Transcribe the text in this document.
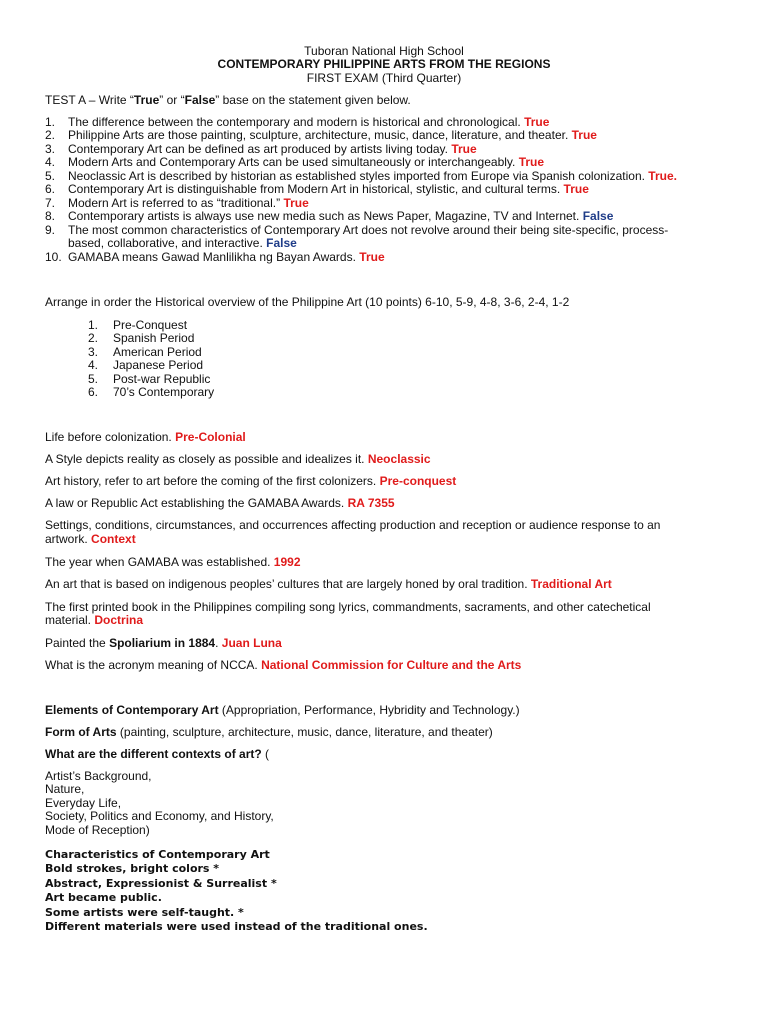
Tuboran National High School
CONTEMPORARY PHILIPPINE ARTS FROM THE REGIONS
FIRST EXAM (Third Quarter)
TEST A – Write “True” or “False” base on the statement given below.
1.	The difference between the contemporary and modern is historical and chronological. True
2.	Philippine Arts are those painting, sculpture, architecture, music, dance, literature, and theater. True
3.	Contemporary Art can be defined as art produced by artists living today. True
4.	Modern Arts and Contemporary Arts can be used simultaneously or interchangeably. True
5.	Neoclassic Art is described by historian as established styles imported from Europe via Spanish colonization. True.
6.	Contemporary Art is distinguishable from Modern Art in historical, stylistic, and cultural terms. True
7.	Modern Art is referred to as “traditional.” True
8.	Contemporary artists is always use new media such as News Paper, Magazine, TV and Internet. False
9.	The most common characteristics of Contemporary Art does not revolve around their being site-specific, process-
based, collaborative, and interactive. False
10. GAMABA means Gawad Manlilikha ng Bayan Awards. True
Arrange in order the Historical overview of the Philippine Art (10 points) 6-10, 5-9, 4-8, 3-6, 2-4, 1-2
1.	Pre-Conquest
2.	Spanish Period
3.	American Period
4.	Japanese Period
5.	Post-war Republic
6.	70’s Contemporary
Life before colonization. Pre-Colonial
A Style depicts reality as closely as possible and idealizes it. Neoclassic
Art history, refer to art before the coming of the first colonizers. Pre-conquest
A law or Republic Act establishing the GAMABA Awards. RA 7355
Settings, conditions, circumstances, and occurrences affecting production and reception or audience response to an
artwork. Context
The year when GAMABA was established. 1992
An art that is based on indigenous peoples’ cultures that are largely honed by oral tradition. Traditional Art
The first printed book in the Philippines compiling song lyrics, commandments, sacraments, and other catechetical
material. Doctrina
Painted the Spoliarium in 1884. Juan Luna
What is the acronym meaning of NCCA. National Commission for Culture and the Arts
Elements of Contemporary Art (Appropriation, Performance, Hybridity and Technology.)
Form of Arts (painting, sculpture, architecture, music, dance, literature, and theater)
What are the different contexts of art? (
Artist’s Background,
Nature,
Everyday Life,
Society, Politics and Economy, and History,
Mode of Reception)
Characteristics of Contemporary Art
Bold strokes, bright colors *
Abstract, Expressionist & Surrealist *
Art became public.
Some artists were self-taught. *
Different materials were used instead of the traditional ones.
